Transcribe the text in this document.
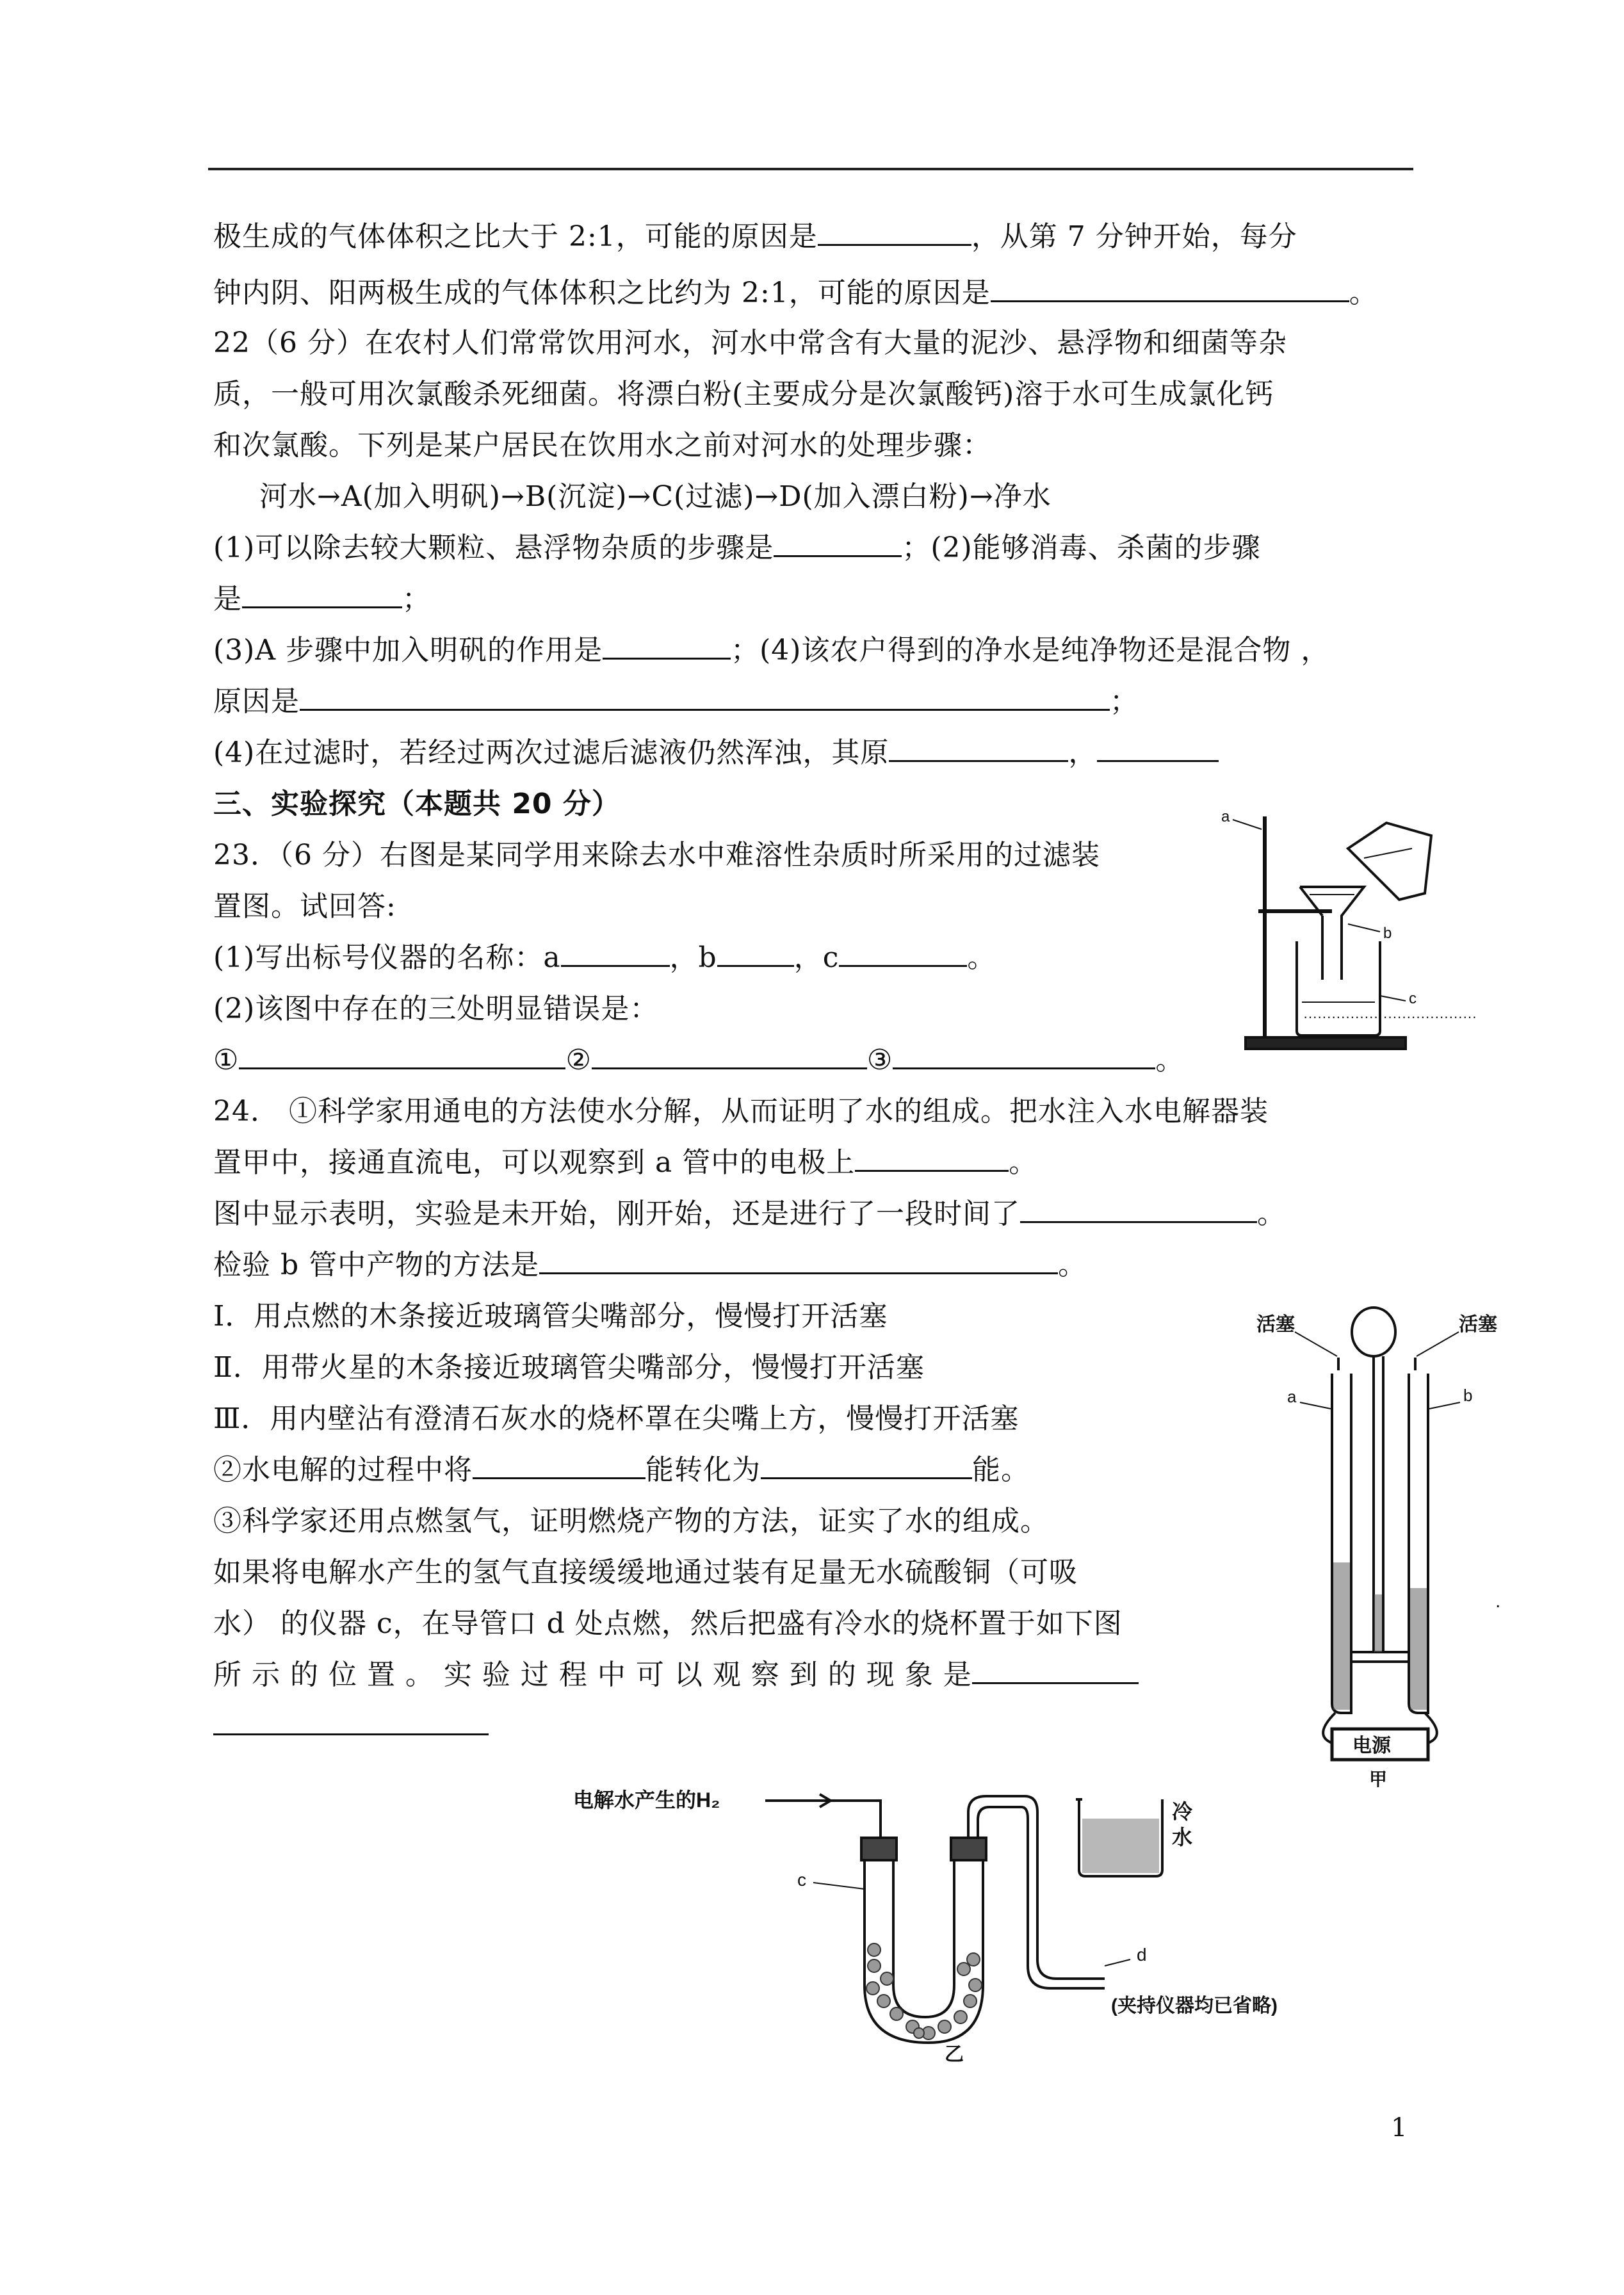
极生成的气体体积之比大于 2:1，可能的原因是	，从第 7 分钟开始，每分
钟内阴、阳两极生成的气体体积之比约为 2:1，可能的原因是	。
22（6 分）在农村人们常常饮用河水，河水中常含有大量的泥沙、悬浮物和细菌等杂
质，一般可用次氯酸杀死细菌。将漂白粉(主要成分是次氯酸钙)溶于水可生成氯化钙
和次氯酸。下列是某户居民在饮用水之前对河水的处理步骤：
河水→A(加入明矾)→B(沉淀)→C(过滤)→D(加入漂白粉)→净水
(1)可以除去较大颗粒、悬浮物杂质的步骤是	；(2)能够消毒、杀菌的步骤
是	；
(3)A 步骤中加入明矾的作用是	；(4)该农户得到的净水是纯净物还是混合物 ，
原因是	；
(4)在过滤时，若经过两次过滤后滤液仍然浑浊，其原	，
三、实验探究（本题共 20 分）
23．（6 分）右图是某同学用来除去水中难溶性杂质时所采用的过滤装
置图。试回答:
(1)写出标号仪器的名称：a	，b	，c	。
(2)该图中存在的三处明显错误是：
①	②	③	。
24． ①科学家用通电的方法使水分解，从而证明了水的组成。把水注入水电解器装
置甲中，接通直流电，可以观察到 a 管中的电极上	。
图中显示表明，实验是未开始，刚开始，还是进行了一段时间了	。
检验 b 管中产物的方法是	。
Ⅰ．用点燃的木条接近玻璃管尖嘴部分，慢慢打开活塞
Ⅱ．用带火星的木条接近玻璃管尖嘴部分，慢慢打开活塞
Ⅲ．用内壁沾有澄清石灰水的烧杯罩在尖嘴上方，慢慢打开活塞
②水电解的过程中将	能转化为	能。
③科学家还用点燃氢气，证明燃烧产物的方法，证实了水的组成。
如果将电解水产生的氢气直接缓缓地通过装有足量无水硫酸铜（可吸
水） 的仪器 c，在导管口 d 处点燃，然后把盛有冷水的烧杯置于如下图
所 示 的 位 置 。 实 验 过 程 中 可 以 观 察 到 的 现 象 是
1
·····································
a
b
c
活塞	活塞
a	b
电源
甲
.
电解水产生的H₂	冷
水
c
d
(夹持仪器均已省略)
乙
